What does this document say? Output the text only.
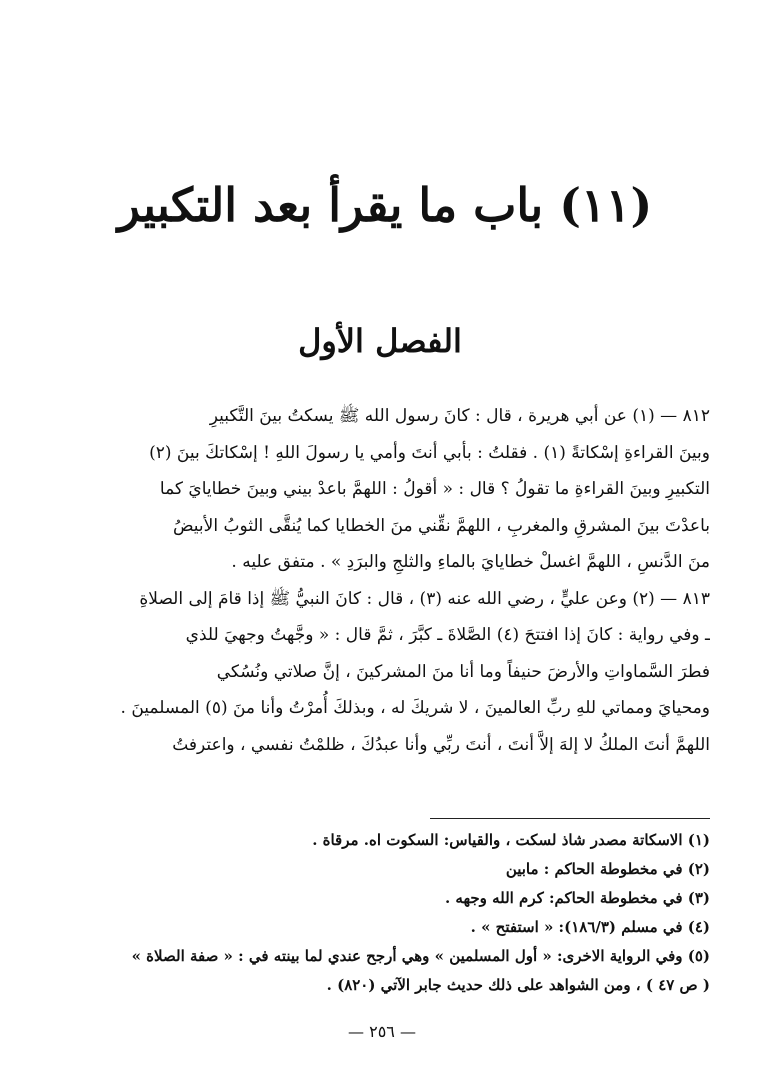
(١١) باب ما يقرأ بعد التكبير
الفصل الأول
٨١٢ — (١) عن أبي هريرة ، قال : كانَ رسول الله ﷺ يسكتُ بينَ التَّكبيرِ
وبينَ القراءةِ إسْكاتةً (١) . فقلتُ : بأبي أنتَ وأمي يا رسولَ اللهِ ! إسْكاتكَ بينَ (٢)
التكبيرِ وبينَ القراءةِ ما تقولُ ؟ قال : « أقولُ : اللهمَّ باعدْ بيني وبينَ خطايايَ كما
باعدْتَ بينَ المشرقِ والمغربِ ، اللهمَّ نقِّني منَ الخطايا كما يُنقَّى الثوبُ الأبيضُ
منَ الدَّنسِ ، اللهمَّ اغسلْ خطايايَ بالماءِ والثلجِ والبرَدِ » . متفق عليه .
٨١٣ — (٢) وعن عليٍّ ، رضي الله عنه (٣) ، قال : كانَ النبيُّ ﷺ إذا قامَ إلى الصلاةِ
ـ وفي رواية : كانَ إذا افتتحَ (٤) الصَّلاةَ ـ كبَّرَ ، ثمَّ قال : « وجَّهتُ وجهيَ للذي
فطرَ السَّماواتِ والأرضَ حنيفاً وما أنا منَ المشركينَ ، إنَّ صلاتي ونُسُكي
ومحيايَ ومماتي للهِ ربِّ العالمينَ ، لا شريكَ له ، وبذلكَ أُمرْتُ وأنا منَ (٥) المسلمينَ .
اللهمَّ أنتَ الملكُ لا إلهَ إلاَّ أنتَ ، أنتَ ربِّي وأنا عبدُكَ ، ظلمْتُ نفسي ، واعترفتُ
(١) الاسكاتة مصدر شاذ لسكت ، والقياس: السكوت اه. مرقاة .
(٢) في مخطوطة الحاكم : مابين
(٣) في مخطوطة الحاكم: كرم الله وجهه .
(٤) في مسلم (١٨٦/٣): « استفتح » .
(٥) وفي الرواية الاخرى: « أول المسلمين » وهي أرجح عندي لما بينته في : « صفة الصلاة »
( ص ٤٧ ) ، ومن الشواهد على ذلك حديث جابر الآتي (٨٢٠) .
— ٢٥٦ —
